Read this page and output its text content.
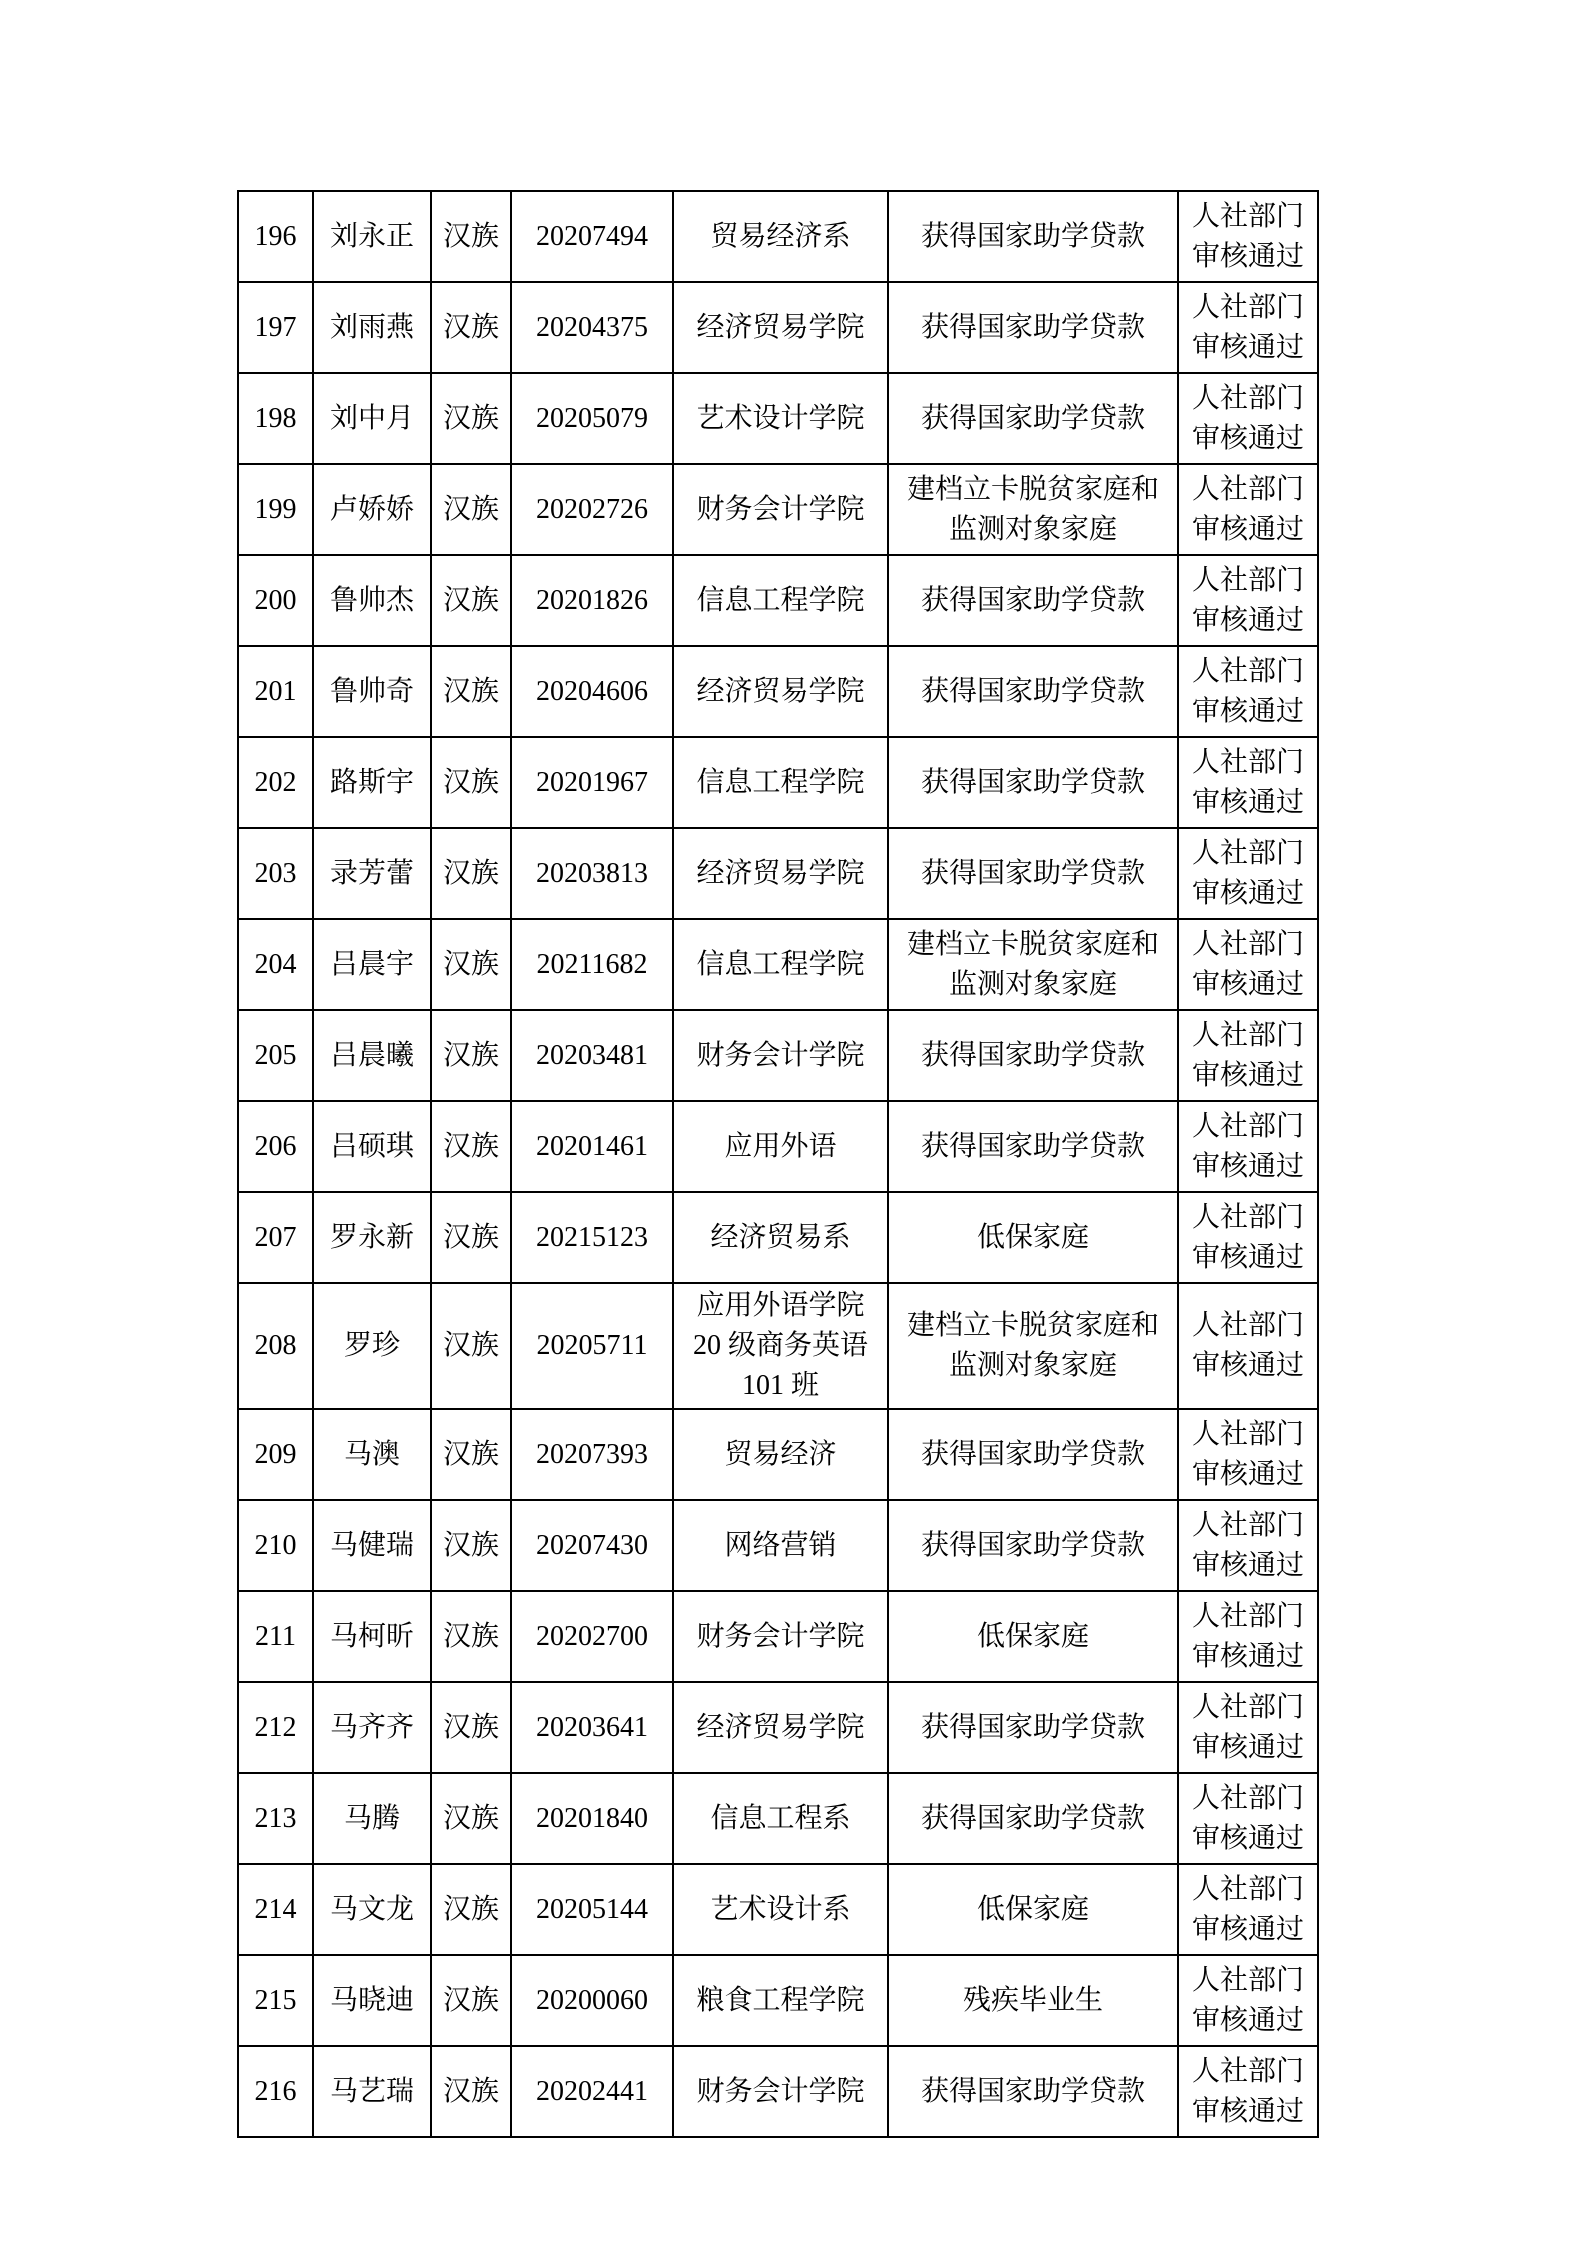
196	刘永正	汉族	20207494	贸易经济系	获得国家助学贷款	人社部门审核通过
197	刘雨燕	汉族	20204375	经济贸易学院	获得国家助学贷款	人社部门审核通过
198	刘中月	汉族	20205079	艺术设计学院	获得国家助学贷款	人社部门审核通过
199	卢娇娇	汉族	20202726	财务会计学院	建档立卡脱贫家庭和监测对象家庭	人社部门审核通过
200	鲁帅杰	汉族	20201826	信息工程学院	获得国家助学贷款	人社部门审核通过
201	鲁帅奇	汉族	20204606	经济贸易学院	获得国家助学贷款	人社部门审核通过
202	路斯宇	汉族	20201967	信息工程学院	获得国家助学贷款	人社部门审核通过
203	录芳蕾	汉族	20203813	经济贸易学院	获得国家助学贷款	人社部门审核通过
204	吕晨宇	汉族	20211682	信息工程学院	建档立卡脱贫家庭和监测对象家庭	人社部门审核通过
205	吕晨曦	汉族	20203481	财务会计学院	获得国家助学贷款	人社部门审核通过
206	吕硕琪	汉族	20201461	应用外语	获得国家助学贷款	人社部门审核通过
207	罗永新	汉族	20215123	经济贸易系	低保家庭	人社部门审核通过
208	罗珍	汉族	20205711	应用外语学院 20 级商务英语 101 班	建档立卡脱贫家庭和监测对象家庭	人社部门审核通过
209	马澳	汉族	20207393	贸易经济	获得国家助学贷款	人社部门审核通过
210	马健瑞	汉族	20207430	网络营销	获得国家助学贷款	人社部门审核通过
211	马柯昕	汉族	20202700	财务会计学院	低保家庭	人社部门审核通过
212	马齐齐	汉族	20203641	经济贸易学院	获得国家助学贷款	人社部门审核通过
213	马腾	汉族	20201840	信息工程系	获得国家助学贷款	人社部门审核通过
214	马文龙	汉族	20205144	艺术设计系	低保家庭	人社部门审核通过
215	马晓迪	汉族	20200060	粮食工程学院	残疾毕业生	人社部门审核通过
216	马艺瑞	汉族	20202441	财务会计学院	获得国家助学贷款	人社部门审核通过
